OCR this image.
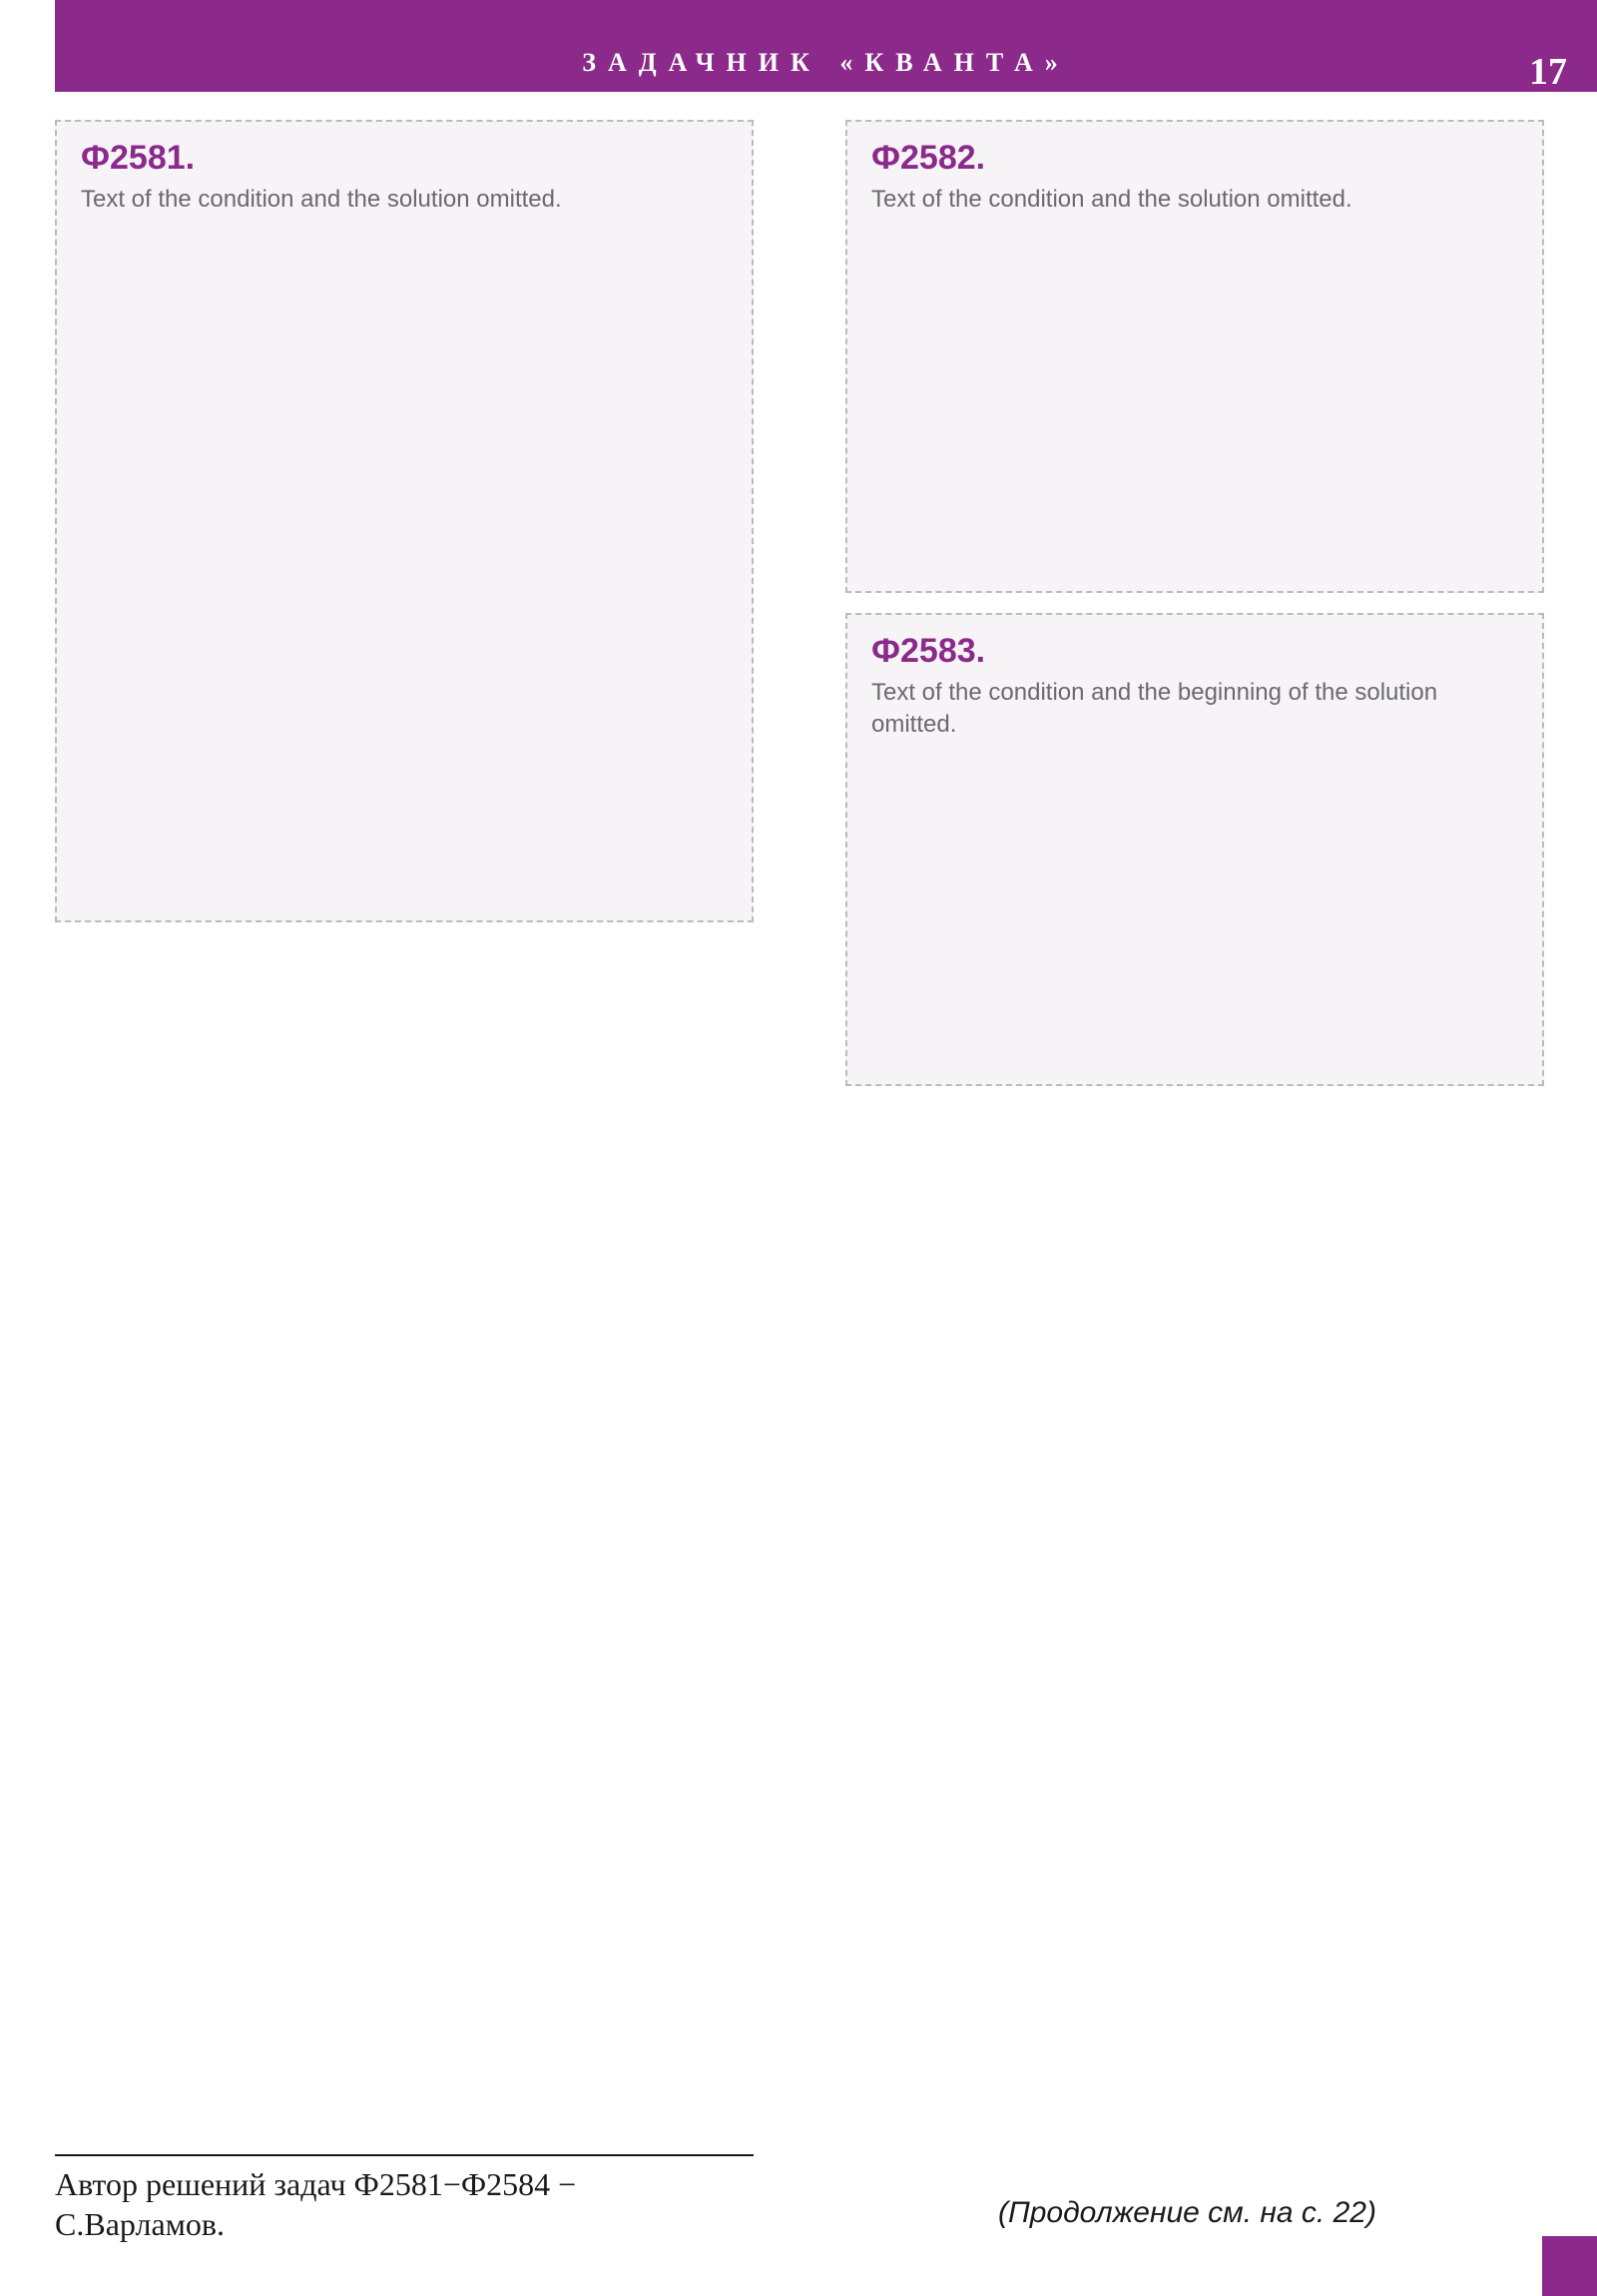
ЗАДАЧНИК «КВАНТА»	17
Ф2581.
Text of the condition and the solution omitted.
Ф2582.
Text of the condition and the solution omitted.
Ф2583.
Text of the condition and the beginning of the solution omitted.
Автор решений задач Ф2581−Ф2584 − С.Варламов.	(Продолжение см. на с. 22)
